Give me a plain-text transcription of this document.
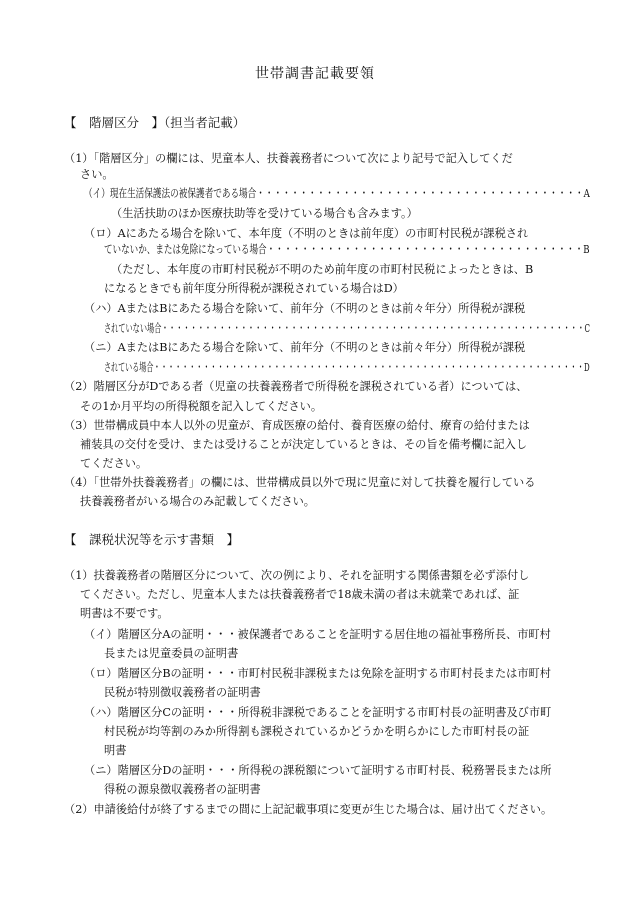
世帯調書記載要領
【　階層区分　】（担当者記載）
（1）「階層区分」の欄には、児童本人、扶養義務者について次により記号で記入してくだ
さい。
（イ）現在生活保護法の被保護者である場合・・・・・・・・・・・・・・・・・・・・・・・・・・・・・・・・・・・・・・A
（生活扶助のほか医療扶助等を受けている場合も含みます。）
（ロ）Aにあたる場合を除いて、本年度（不明のときは前年度）の市町村民税が課税され
ていないか、または免除になっている場合・・・・・・・・・・・・・・・・・・・・・・・・・・・・・・・・・・・・・B
（ただし、本年度の市町村民税が不明のため前年度の市町村民税によったときは、B
になるときでも前年度分所得税が課税されている場合はD）
（ハ）AまたはBにあたる場合を除いて、前年分（不明のときは前々年分）所得税が課税
されていない場合・・・・・・・・・・・・・・・・・・・・・・・・・・・・・・・・・・・・・・・・・・・・・・・・・・・・・・・・・・・C
（ニ）AまたはBにあたる場合を除いて、前年分（不明のときは前々年分）所得税が課税
されている場合・・・・・・・・・・・・・・・・・・・・・・・・・・・・・・・・・・・・・・・・・・・・・・・・・・・・・・・・・・・・・D
（2）階層区分がDである者（児童の扶養義務者で所得税を課税されている者）については、
その1か月平均の所得税額を記入してください。
（3）世帯構成員中本人以外の児童が、育成医療の給付、養育医療の給付、療育の給付または
補装具の交付を受け、または受けることが決定しているときは、その旨を備考欄に記入し
てください。
（4）「世帯外扶養義務者」の欄には、世帯構成員以外で現に児童に対して扶養を履行している
扶養義務者がいる場合のみ記載してください。
【　課税状況等を示す書類　】
（1）扶養義務者の階層区分について、次の例により、それを証明する関係書類を必ず添付し
てください。ただし、児童本人または扶養義務者で18歳未満の者は未就業であれば、証
明書は不要です。
（イ）階層区分Aの証明・・・被保護者であることを証明する居住地の福祉事務所長、市町村
長または児童委員の証明書
（ロ）階層区分Bの証明・・・市町村民税非課税または免除を証明する市町村長または市町村
民税が特別徴収義務者の証明書
（ハ）階層区分Cの証明・・・所得税非課税であることを証明する市町村長の証明書及び市町
村民税が均等割のみか所得割も課税されているかどうかを明らかにした市町村長の証
明書
（ニ）階層区分Dの証明・・・所得税の課税額について証明する市町村長、税務署長または所
得税の源泉徴収義務者の証明書
（2）申請後給付が終了するまでの間に上記記載事項に変更が生じた場合は、届け出てください。
